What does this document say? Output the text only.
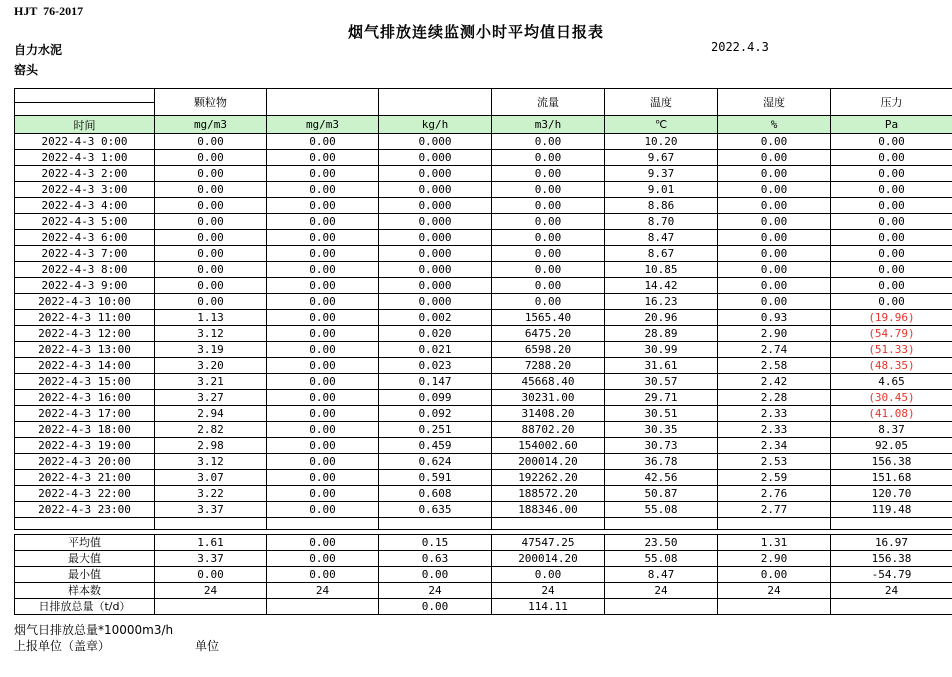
HJT  76-2017
烟气排放连续监测小时平均值日报表
2022.4.3
自力水泥
窑头
	颗粒物			流量	温度	湿度	压力

时间	mg/m3	mg/m3	kg/h	m3/h	℃	%	Pa
2022-4-3 0:00	0.00	0.00	0.000	0.00	10.20	0.00	0.00
2022-4-3 1:00	0.00	0.00	0.000	0.00	9.67	0.00	0.00
2022-4-3 2:00	0.00	0.00	0.000	0.00	9.37	0.00	0.00
2022-4-3 3:00	0.00	0.00	0.000	0.00	9.01	0.00	0.00
2022-4-3 4:00	0.00	0.00	0.000	0.00	8.86	0.00	0.00
2022-4-3 5:00	0.00	0.00	0.000	0.00	8.70	0.00	0.00
2022-4-3 6:00	0.00	0.00	0.000	0.00	8.47	0.00	0.00
2022-4-3 7:00	0.00	0.00	0.000	0.00	8.67	0.00	0.00
2022-4-3 8:00	0.00	0.00	0.000	0.00	10.85	0.00	0.00
2022-4-3 9:00	0.00	0.00	0.000	0.00	14.42	0.00	0.00
2022-4-3 10:00	0.00	0.00	0.000	0.00	16.23	0.00	0.00
2022-4-3 11:00	1.13	0.00	0.002	1565.40	20.96	0.93	(19.96)
2022-4-3 12:00	3.12	0.00	0.020	6475.20	28.89	2.90	(54.79)
2022-4-3 13:00	3.19	0.00	0.021	6598.20	30.99	2.74	(51.33)
2022-4-3 14:00	3.20	0.00	0.023	7288.20	31.61	2.58	(48.35)
2022-4-3 15:00	3.21	0.00	0.147	45668.40	30.57	2.42	4.65
2022-4-3 16:00	3.27	0.00	0.099	30231.00	29.71	2.28	(30.45)
2022-4-3 17:00	2.94	0.00	0.092	31408.20	30.51	2.33	(41.08)
2022-4-3 18:00	2.82	0.00	0.251	88702.20	30.35	2.33	8.37
2022-4-3 19:00	2.98	0.00	0.459	154002.60	30.73	2.34	92.05
2022-4-3 20:00	3.12	0.00	0.624	200014.20	36.78	2.53	156.38
2022-4-3 21:00	3.07	0.00	0.591	192262.20	42.56	2.59	151.68
2022-4-3 22:00	3.22	0.00	0.608	188572.20	50.87	2.76	120.70
2022-4-3 23:00	3.37	0.00	0.635	188346.00	55.08	2.77	119.48

平均值	1.61	0.00	0.15	47547.25	23.50	1.31	16.97
最大值	3.37	0.00	0.63	200014.20	55.08	2.90	156.38
最小值	0.00	0.00	0.00	0.00	8.47	0.00	-54.79
样本数	24	24	24	24	24	24	24
日排放总量（t/d）			0.00	114.11			
烟气日排放总量*10000m3/h
上报单位（盖章）	单位
